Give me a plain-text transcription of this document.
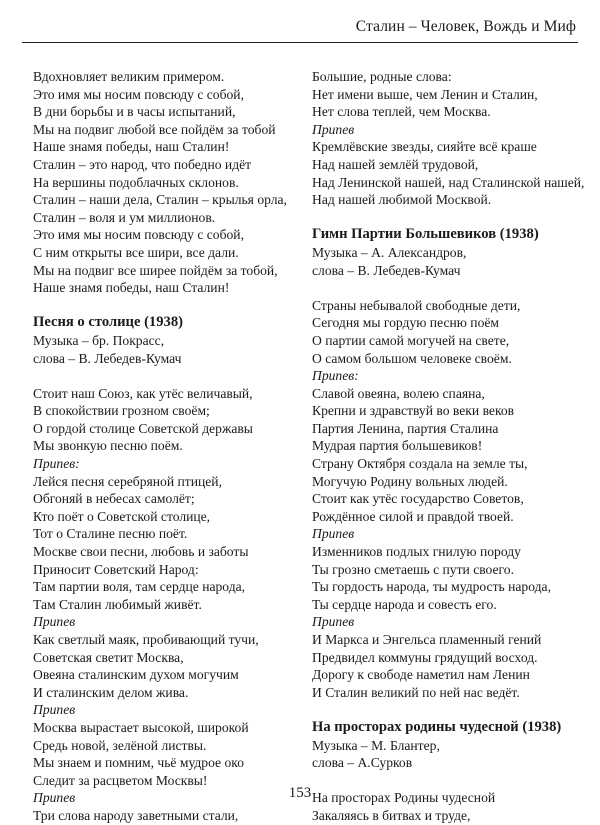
Сталин – Человек, Вождь и Миф
Вдохновляет великим примером.
Это имя мы носим повсюду с собой,
В дни борьбы и в часы испытаний,
Мы на подвиг любой все пойдём за тобой
Наше знамя победы, наш Сталин!
Сталин – это народ, что победно идёт
На вершины подоблачных склонов.
Сталин – наши дела, Сталин – крылья орла,
Сталин – воля и ум миллионов.
Это имя мы носим повсюду с собой,
С ним открыты все шири, все дали.
Мы на подвиг все ширее пойдём за тобой,
Наше знамя победы, наш Сталин!
Песня о столице (1938)
Музыка – бр. Покрасс,
слова – В. Лебедев-Кумач
Стоит наш Союз, как утёс величавый,
В спокойствии грозном своём;
О гордой столице Советской державы
Мы звонкую песню поём.
Припев:
Лейся песня серебряной птицей,
Обгоняй в небесах самолёт;
Кто поёт о Советской столице,
Тот о Сталине песню поёт.
Москве свои песни, любовь и заботы
Приносит Советский Народ:
Там партии воля, там сердце народа,
Там Сталин любимый живёт.
Припев
Как светлый маяк, пробивающий тучи,
Советская светит Москва,
Овеяна сталинским духом могучим
И сталинским делом жива.
Припев
Москва вырастает высокой, широкой
Средь новой, зелёной листвы.
Мы знаем и помним, чьё мудрое око
Следит за расцветом Москвы!
Припев
Три слова народу заветными стали,
Большие, родные слова:
Нет имени выше, чем Ленин и Сталин,
Нет слова теплей, чем Москва.
Припев
Кремлёвские звезды, сияйте всё краше
Над нашей землёй трудовой,
Над Ленинской нашей, над Сталинской нашей,
Над нашей любимой Москвой.
Гимн Партии Большевиков (1938)
Музыка – А. Александров,
слова – В. Лебедев-Кумач
Страны небывалой свободные дети,
Сегодня мы гордую песню поём
О партии самой могучей на свете,
О самом большом человеке своём.
Припев:
Славой овеяна, волею спаяна,
Крепни и здравствуй во веки веков
Партия Ленина, партия Сталина
Мудрая партия большевиков!
Страну Октября создала на земле ты,
Могучую Родину вольных людей.
Стоит как утёс государство Советов,
Рождённое силой и правдой твоей.
Припев
Изменников подлых гнилую породу
Ты грозно сметаешь с пути своего.
Ты гордость народа, ты мудрость народа,
Ты сердце народа и совесть его.
Припев
И Маркса и Энгельса пламенный гений
Предвидел коммуны грядущий восход.
Дорогу к свободе наметил нам Ленин
И Сталин великий по ней нас ведёт.
На просторах родины чудесной (1938)
Музыка – М. Блантер,
слова – А.Сурков
На просторах Родины чудесной
Закаляясь в битвах и труде,
153
